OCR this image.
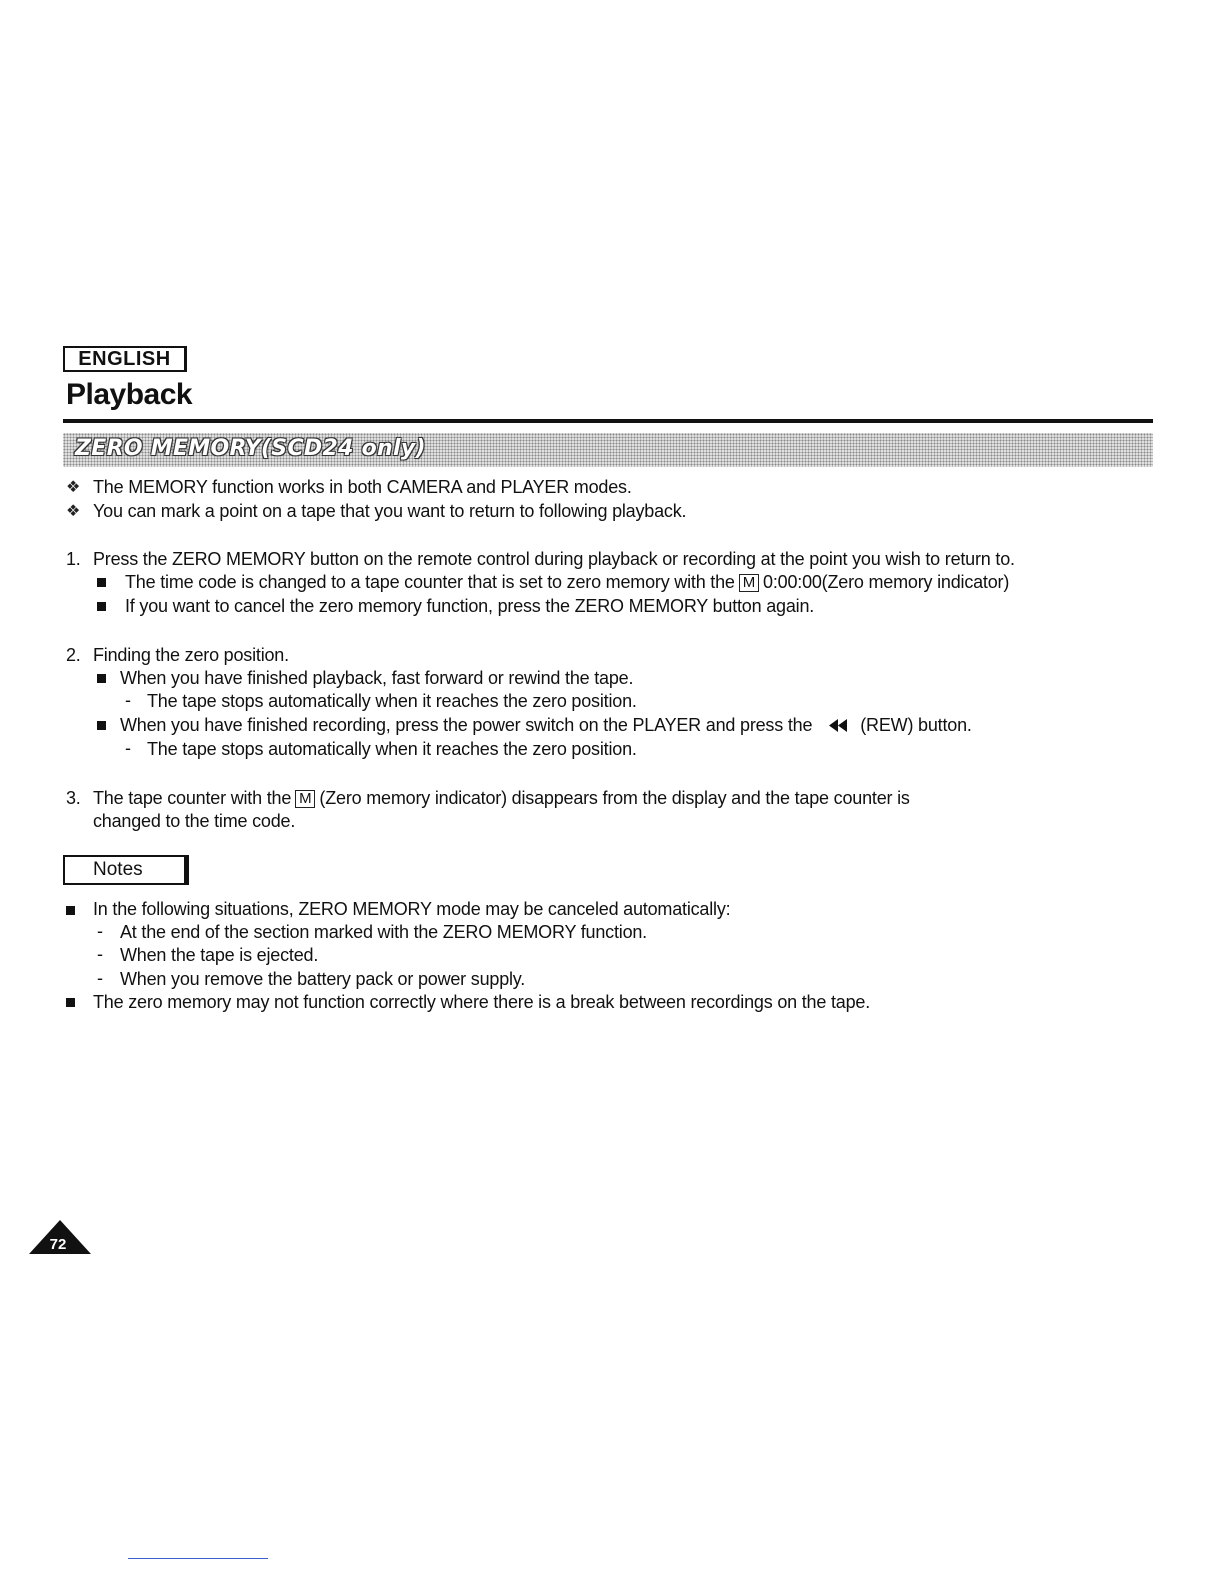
ENGLISH
Playback
ZERO MEMORY(SCD24 only)
❖ The MEMORY function works in both CAMERA and PLAYER modes.
❖ You can mark a point on a tape that you want to return to following playback.
1. Press the ZERO MEMORY button on the remote control during playback or recording at the point you wish to return to.
The time code is changed to a tape counter that is set to zero memory with the M 0:00:00(Zero memory indicator)
If you want to cancel the zero memory function, press the ZERO MEMORY button again.
2. Finding the zero position.
When you have finished playback, fast forward or rewind the tape.
- The tape stops automatically when it reaches the zero position.
When you have finished recording, press the power switch on the PLAYER and press the	(REW) button.
- The tape stops automatically when it reaches the zero position.
3. The tape counter with the M (Zero memory indicator) disappears from the display and the tape counter is
changed to the time code.
Notes
In the following situations, ZERO MEMORY mode may be canceled automatically:
- At the end of the section marked with the ZERO MEMORY function.
- When the tape is ejected.
- When you remove the battery pack or power supply.
The zero memory may not function correctly where there is a break between recordings on the tape.
72
